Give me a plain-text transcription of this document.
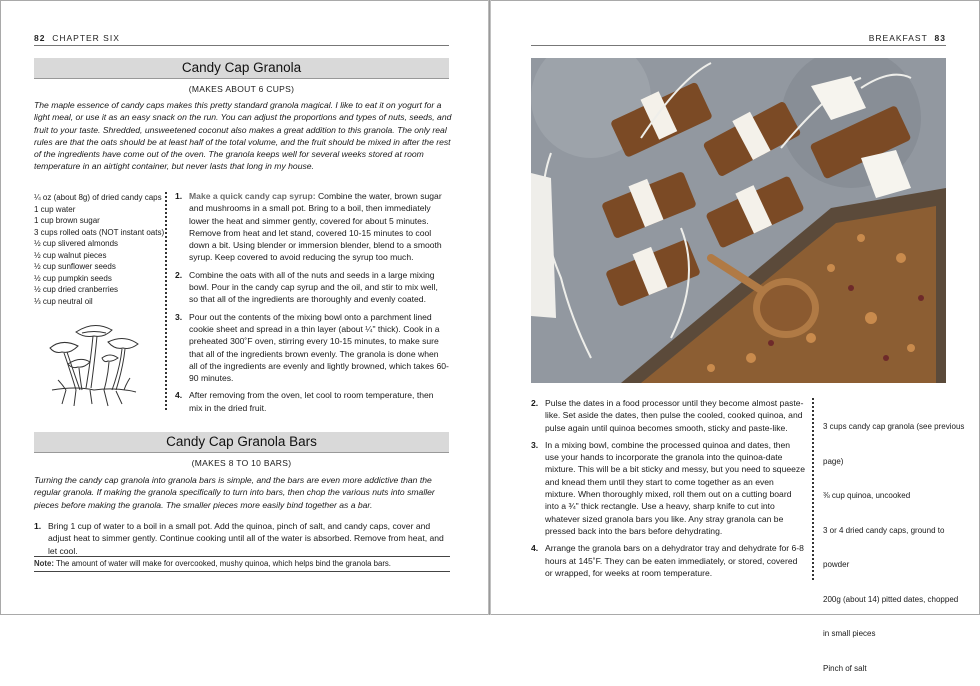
82 CHAPTER SIX
Candy Cap Granola
(MAKES ABOUT 6 CUPS)
The maple essence of candy caps makes this pretty standard granola magical. I like to eat it on yogurt for a light meal, or use it as an easy snack on the run. You can adjust the proportions and types of nuts, seeds, and fruit to your taste. Shredded, unsweetened coconut also makes a great addition to this granola. The only real rules are that the oats should be at least half of the total volume, and the fruit should be mixed in after the rest of the ingredients have come out of the oven. The granola keeps well for several weeks stored at room temperature in an airtight container, but never lasts that long in my house.
¼ oz (about 8g) of dried candy caps
1 cup water
1 cup brown sugar
3 cups rolled oats (NOT instant oats)
½ cup slivered almonds
½ cup walnut pieces
½ cup sunflower seeds
½ cup pumpkin seeds
½ cup dried cranberries
⅓ cup neutral oil
1. Make a quick candy cap syrup: Combine the water, brown sugar and mushrooms in a small pot. Bring to a boil, then immediately lower the heat and simmer gently, covered for about 5 minutes. Remove from heat and let stand, covered 10-15 minutes to cool down a bit. Using blender or immersion blender, blend to a smooth syrup. Keep covered to avoid reducing the syrup too much.
2. Combine the oats with all of the nuts and seeds in a large mixing bowl. Pour in the candy cap syrup and the oil, and stir to mix well, so that all of the ingredients are thoroughly and evenly coated.
3. Pour out the contents of the mixing bowl onto a parchment lined cookie sheet and spread in a thin layer (about ¼" thick). Cook in a preheated 300˚F oven, stirring every 10-15 minutes, to make sure that all of the ingredients brown evenly. The granola is done when all of the ingredients are evenly and lightly browned, which takes 60-90 minutes.
4. After removing from the oven, let cool to room temperature, then mix in the dried fruit.
Candy Cap Granola Bars
(MAKES 8 TO 10 BARS)
Turning the candy cap granola into granola bars is simple, and the bars are even more addictive than the regular granola. If making the granola specifically to turn into bars, then chop the various nuts into smaller pieces before making the granola. The smaller pieces more easily bind together as a bar.
1. Bring 1 cup of water to a boil in a small pot. Add the quinoa, pinch of salt, and candy caps, cover and adjust heat to simmer gently. Continue cooking until all of the water is absorbed. Remove from heat, and let cool.
Note: The amount of water will make for overcooked, mushy quinoa, which helps bind the granola bars.
BREAKFAST 83
2. Pulse the dates in a food processor until they become almost paste-like. Set aside the dates, then pulse the cooled, cooked quinoa, and pulse again until quinoa becomes smooth, sticky and paste-like.
3. In a mixing bowl, combine the processed quinoa and dates, then use your hands to incorporate the granola into the quinoa-date mixture. This will be a bit sticky and messy, but you need to squeeze and knead them until they start to come together as an even mixture. When thoroughly mixed, roll them out on a cutting board into a ¾" thick rectangle. Use a heavy, sharp knife to cut into whatever sized granola bars you like. Any stray granola can be pressed back into the bars before dehydrating.
4. Arrange the granola bars on a dehydrator tray and dehydrate for 6-8 hours at 145˚F. They can be eaten immediately, or stored, covered or wrapped, for weeks at room temperature.

3 cups candy cap granola (see previous

page)

⅜ cup quinoa, uncooked

3 or 4 dried candy caps, ground to

powder

200g (about 14) pitted dates, chopped

in small pieces

Pinch of salt
